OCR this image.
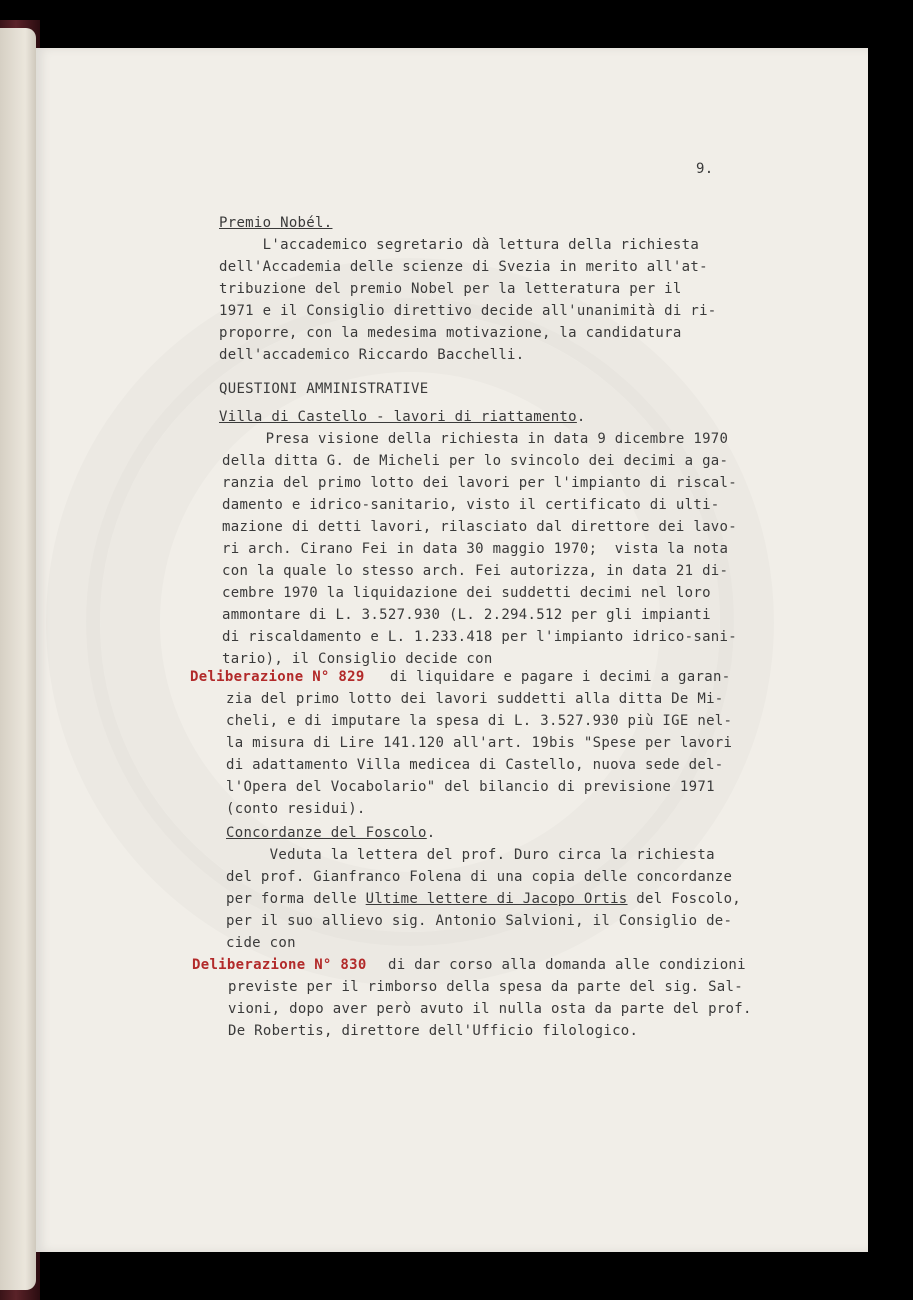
9.

Premio Nobél.

L'accademico segretario dà lettura della richiesta
dell'Accademia delle scienze di Svezia in merito all'at-
tribuzione del premio Nobel per la letteratura per il
1971 e il Consiglio direttivo decide all'unanimità di ri-
proporre, con la medesima motivazione, la candidatura
dell'accademico Riccardo Bacchelli.

QUESTIONI AMMINISTRATIVE

Villa di Castello - lavori di riattamento.

Presa visione della richiesta in data 9 dicembre 1970
della ditta G. de Micheli per lo svincolo dei decimi a ga-
ranzia del primo lotto dei lavori per l'impianto di riscal-
damento e idrico-sanitario, visto il certificato di ulti-
mazione di detti lavori, rilasciato dal direttore dei lavo-
ri arch. Cirano Fei in data 30 maggio 1970;  vista la nota
con la quale lo stesso arch. Fei autorizza, in data 21 di-
cembre 1970 la liquidazione dei suddetti decimi nel loro
ammontare di L. 3.527.930 (L. 2.294.512 per gli impianti
di riscaldamento e L. 1.233.418 per l'impianto idrico-sani-
tario), il Consiglio decide con

Deliberazione N° 829 di liquidare e pagare i decimi a garan-

zia del primo lotto dei lavori suddetti alla ditta De Mi-
cheli, e di imputare la spesa di L. 3.527.930 più IGE nel-
la misura di Lire 141.120 all'art. 19bis "Spese per lavori
di adattamento Villa medicea di Castello, nuova sede del-
l'Opera del Vocabolario" del bilancio di previsione 1971
(conto residui).

Concordanze del Foscolo.

Veduta la lettera del prof. Duro circa la richiesta

del prof. Gianfranco Folena di una copia delle concordanze

per forma delle Ultime lettere di Jacopo Ortis del Foscolo,

per il suo allievo sig. Antonio Salvioni, il Consiglio de-
cide con

Deliberazione N° 830 di dar corso alla domanda alle condizioni

previste per il rimborso della spesa da parte del sig. Sal-
vioni, dopo aver però avuto il nulla osta da parte del prof.
De Robertis, direttore dell'Ufficio filologico.
